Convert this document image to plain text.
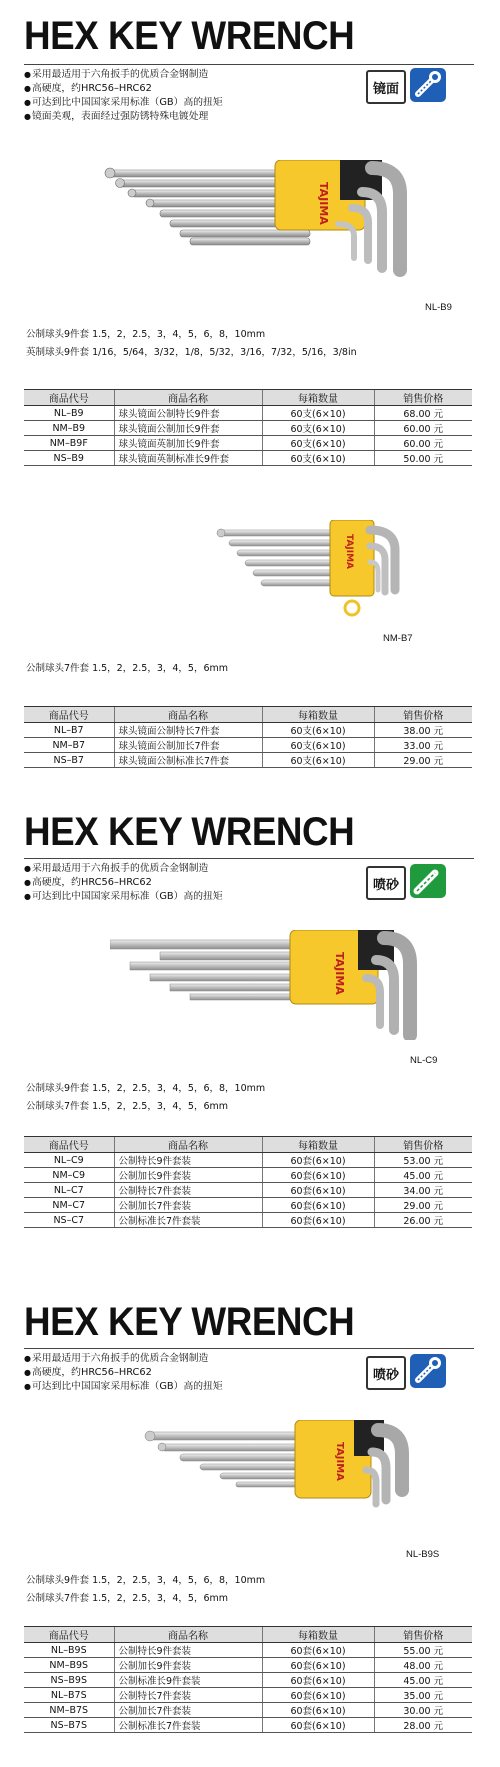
HEX KEY WRENCH
● 采用最适用于六角扳手的优质合金钢制造
● 高硬度，约HRC56–HRC62
● 可达到比中国国家采用标准（GB）高的扭矩
● 镜面美观，表面经过强防锈特殊电镀处理
镜面
TAJIMA
NL-B9
公制球头9件套 1.5，2，2.5，3，4，5，6，8，10mm
英制球头9件套 1/16，5/64，3/32，1/8，5/32，3/16，7/32，5/16，3/8in
商品代号	商品名称	每箱数量	销售价格
NL–B9	球头镜面公制特长9件套	60支(6×10)	68.00 元
NM–B9	球头镜面公制加长9件套	60支(6×10)	60.00 元
NM–B9F	球头镜面英制加长9件套	60支(6×10)	60.00 元
NS–B9	球头镜面英制标准长9件套	60支(6×10)	50.00 元
TAJIMA
NM-B7
公制球头7件套 1.5，2，2.5，3，4，5，6mm
商品代号	商品名称	每箱数量	销售价格
NL–B7	球头镜面公制特长7件套	60支(6×10)	38.00 元
NM–B7	球头镜面公制加长7件套	60支(6×10)	33.00 元
NS–B7	球头镜面公制标准长7件套	60支(6×10)	29.00 元
HEX KEY WRENCH
● 采用最适用于六角扳手的优质合金钢制造
● 高硬度，约HRC56–HRC62
● 可达到比中国国家采用标准（GB）高的扭矩
喷砂
TAJIMA
NL-C9
公制球头9件套 1.5，2，2.5，3，4，5，6，8，10mm
公制球头7件套 1.5，2，2.5，3，4，5，6mm
商品代号	商品名称	每箱数量	销售价格
NL–C9	公制特长9件套装	60套(6×10)	53.00 元
NM–C9	公制加长9件套装	60套(6×10)	45.00 元
NL–C7	公制特长7件套装	60套(6×10)	34.00 元
NM–C7	公制加长7件套装	60套(6×10)	29.00 元
NS–C7	公制标准长7件套装	60套(6×10)	26.00 元
HEX KEY WRENCH
● 采用最适用于六角扳手的优质合金钢制造
● 高硬度，约HRC56–HRC62
● 可达到比中国国家采用标准（GB）高的扭矩
喷砂
TAJIMA
NL-B9S
公制球头9件套 1.5，2，2.5，3，4，5，6，8，10mm
公制球头7件套 1.5，2，2.5，3，4，5，6mm
商品代号	商品名称	每箱数量	销售价格
NL–B9S	公制特长9件套装	60套(6×10)	55.00 元
NM–B9S	公制加长9件套装	60套(6×10)	48.00 元
NS–B9S	公制标准长9件套装	60套(6×10)	45.00 元
NL–B7S	公制特长7件套装	60套(6×10)	35.00 元
NM–B7S	公制加长7件套装	60套(6×10)	30.00 元
NS–B7S	公制标准长7件套装	60套(6×10)	28.00 元
